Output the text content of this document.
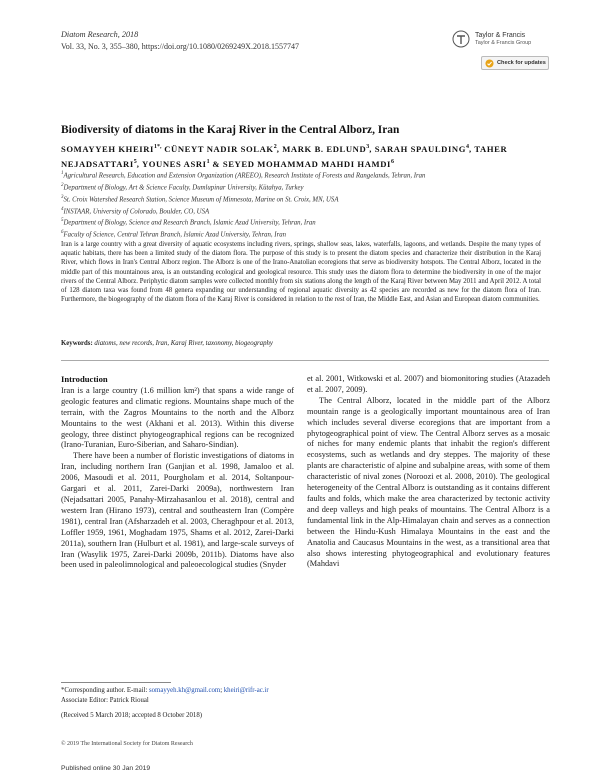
Diatom Research, 2018
Vol. 33, No. 3, 355–380, https://doi.org/10.1080/0269249X.2018.1557747
Taylor & Francis
Taylor & Francis Group
Check for updates
Biodiversity of diatoms in the Karaj River in the Central Alborz, Iran
SOMAYYEH $KHEIRI^{1*,}$ CÜNEYT NADIR SOLAK$^2$, MARK B. EDLUND$^3$, SARAH SPAULDING$^4$, TAHER NEJADSATTARI$^5$, YOUNES ASRI$^1$ & SEYED MOHAMMAD MAHDI HAMDI$^6$
$^1$Agricultural Research, Education and Extension Organization (AREEO), Research Institute of Forests and Rangelands, Tehran, Iran
$^2$Department of Biology, Art & Science Faculty, Dumlupinar University, Kütahya, Turkey
$^3$St. Croix Watershed Research Station, Science Museum of Minnesota, Marine on St. Croix, MN, USA
$^4$INSTAAR, University of Colorado, Boulder, CO, USA
$^5$Department of Biology, Science and Research Branch, Islamic Azad University, Tehran, Iran
$^6$Faculty of Science, Central Tehran Branch, Islamic Azad University, Tehran, Iran
Iran is a large country with a great diversity of aquatic ecosystems including rivers, springs, shallow seas, lakes, waterfalls, lagoons, and wetlands. Despite the many types of aquatic habitats, there has been a limited study of the diatom flora. The purpose of this study is to present the diatom species and characterize their distribution in the Karaj River, which flows in Iran's Central Alborz region. The Alborz is one of the Irano-Anatolian ecoregions that serve as biodiversity hotspots. The Central Alborz, located in the middle part of this mountainous area, is an outstanding ecological and geological resource. This study uses the diatom flora to determine the biodiversity in one of the major rivers of the Central Alborz. Periphytic diatom samples were collected monthly from six stations along the length of the Karaj River between May 2011 and April 2012. A total of 128 diatom taxa was found from 48 genera expanding our understanding of regional aquatic diversity as 42 species are recorded as new for the diatom flora of Iran. Furthermore, the biogeography of the diatom flora of the Karaj River is considered in relation to the rest of Iran, the Middle East, and Asian and European diatom communities.
Keywords: diatoms, new records, Iran, Karaj River, taxonomy, biogeography
Introduction

Iran is a large country (1.6 million km²) that spans a wide range of geologic features and climatic regions. Mountains shape much of the terrain, with the Zagros Mountains to the north and the Alborz Mountains to the west (Akhani et al. 2013). Within this diverse geology, three distinct phytogeographical regions can be recognized (Irano-Turanian, Euro-Siberian, and Saharo-Sindian).

There have been a number of floristic investigations of diatoms in Iran, including northern Iran (Ganjian et al. 1998, Jamaloo et al. 2006, Masoudi et al. 2011, Pourgholam et al. 2014, Soltanpour-Gargari et al. 2011, Zarei-Darki 2009a), northwestern Iran (Nejadsattari 2005, Panahy-Mirzahasanlou et al. 2018), central and western Iran (Hirano 1973), central and southeastern Iran (Compère 1981), central Iran (Afsharzadeh et al. 2003, Cheraghpour et al. 2013, Loffler 1959, 1961, Moghadam 1975, Shams et al. 2012, Zarei-Darki 2011a), southern Iran (Hulburt et al. 1981), and large-scale surveys of Iran (Wasylik 1975, Zarei-Darki 2009b, 2011b). Diatoms have also been used in paleolimnological and paleoecological studies (Snyder

et al. 2001, Witkowski et al. 2007) and biomonitoring studies (Atazadeh et al. 2007, 2009).

The Central Alborz, located in the middle part of the Alborz mountain range is a geologically important mountainous area of Iran which includes several diverse ecoregions that are important from a phytogeographical point of view. The Central Alborz serves as a mosaic of niches for many endemic plants that inhabit the region's different ecosystems, such as wetlands and dry steppes. The majority of these plants are characteristic of alpine and subalpine areas, with some of them characteristic of nival zones (Noroozi et al. 2008, 2010). The geological heterogeneity of the Central Alborz is outstanding as it contains different faults and folds, which make the area characterized by tectonic activity and deep valleys and high peaks of mountains. The Central Alborz is a fundamental link in the Alp-Himalayan chain and serves as a connection between the Hindu-Kush Himalaya Mountains in the east and the Anatolia and Caucasus Mountains in the west, as a transitional area that also shows interesting phytogeographical and evolutionary features (Mahdavi

*Corresponding author. E-mail: somayyeh.kh@gmail.com; kheiri@rifr-ac.ir
Associate Editor: Patrick Rioual
(Received 5 March 2018; accepted 8 October 2018)
© 2019 The International Society for Diatom Research
Published online 30 Jan 2019
